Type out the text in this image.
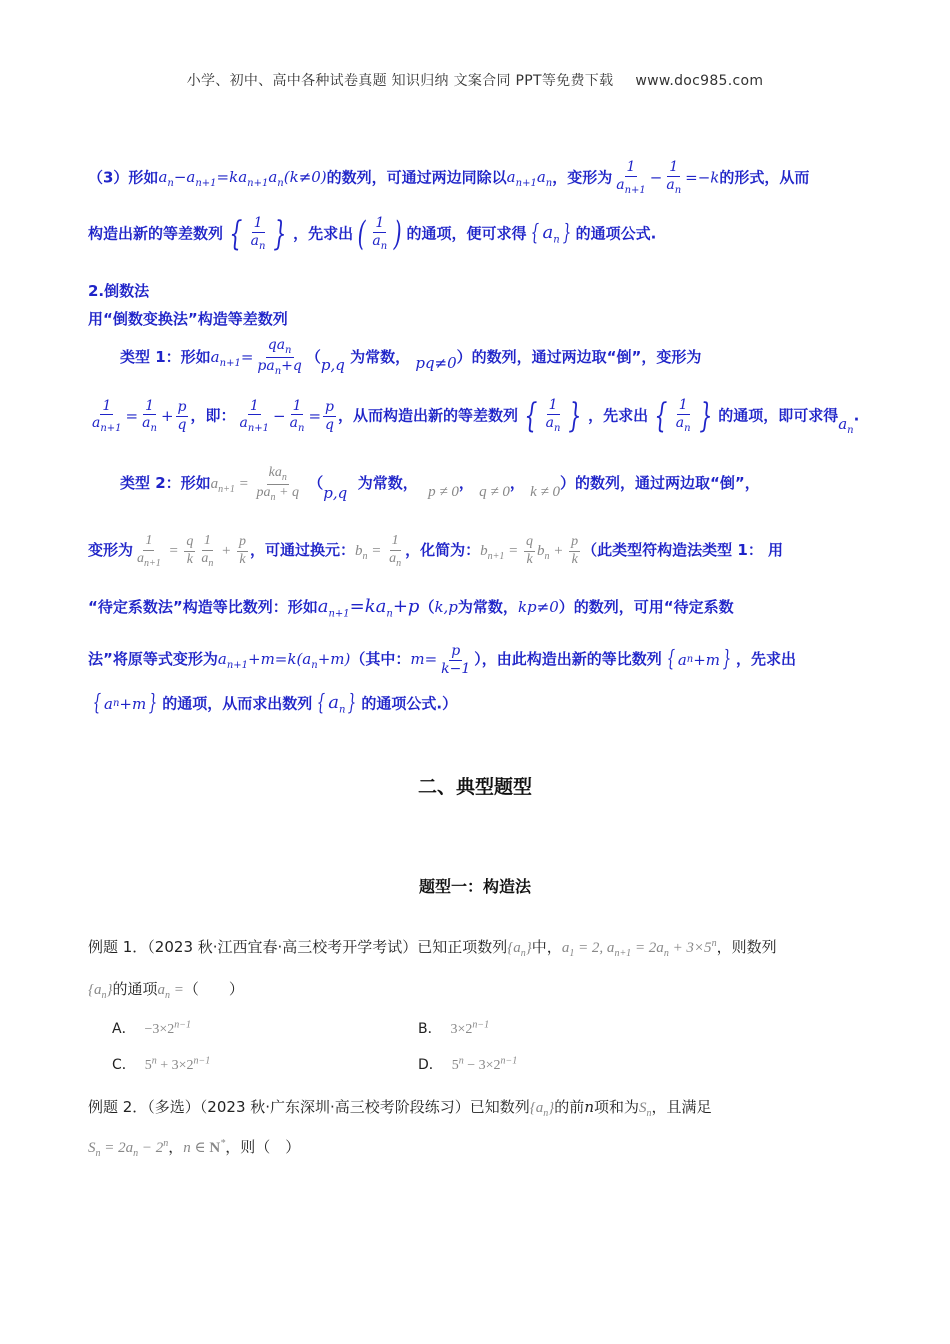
小学、初中、高中各种试卷真题 知识归纳 文案合同 PPT等免费下载 www.doc985.com
（3）形如$a_n-a_{n+1}=ka_{n+1}a_n(k\ne 0)$的数列，可通过两边同除以$a_{n+1}a_n$，变形为 $\frac{1}{a_{n+1}} - \frac{1}{a_n} =-k$的形式，从而
构造出新的等差数列 { $\frac{1}{a_n}$ } ，先求出 ( $\frac{1}{a_n}$ ) 的通项，便可求得 { $a_n$ } 的通项公式.
2.倒数法
用“倒数变换法”构造等差数列
类型 1：形如$a_{n+1}= \frac{qa_n}{pa_n+q} (p,q$ 为常数， pq≠0）的数列，通过两边取“倒”，变形为
$\frac{1}{a_{n+1}} = \frac{1}{a_n} + \frac{p}{q}$ ，即： $\frac{1}{a_{n+1}} - \frac{1}{a_n} = \frac{p}{q}$ ，从而构造出新的等差数列 { $\frac{1}{a_n}$ } ，先求出 { $\frac{1}{a_n}$ } 的通项，即可求得$a_n$.
类型 2：形如$a_{n+1} = \frac{ka_n}{pa_n + q} (p,q$  为常数， p ≠ 0， q ≠ 0， k ≠ 0）的数列，通过两边取“倒”，
变形为 $\frac{1}{a_{n+1}} = \frac{q}{k} \frac{1}{a_n} + \frac{p}{k}$ ，可通过换元：$b_n = \frac{1}{a_n}$ ，化简为：$b_{n+1} = \frac{q}{k} b_n + \frac{p}{k}$ （此类型符构造法类型 1： 用
“待定系数法”构造等比数列：形如$a_{n+1}=ka_n+p(k,p$为常数，kp≠0）的数列，可用“待定系数
法”将原等式变形为$a_{n+1}+m=k(a_n+m)$（其中：$m= \frac{p}{k-1}$ ），由此构造出新的等比数列 { a n +m } ，先求出
{ a n +m } 的通项，从而求出数列 { $a_n$ } 的通项公式.）
二、典型题型
题型一：构造法
例题 1．（2023 秋·江西宜春·高三校考开学考试）已知正项数列$\{a_n\}$中，$a_1 = 2$, $a_{n+1} = 2a_n + 3\times 5^n$，则数列
$\{a_n\}$的通项$a_n$ =（　　）
A． $-3\times 2^{n-1}$	B． $3\times 2^{n-1}$
C． $5^n + 3\times 2^{n-1}$	D． $5^n - 3\times 2^{n-1}$
例题 2．（多选）（2023 秋·广东深圳·高三校考阶段练习）已知数列$\{a_n\}$的前n项和为$S_n$，且满足
$S_n = 2a_n - 2^n$，n ∈ N*，则（　）
